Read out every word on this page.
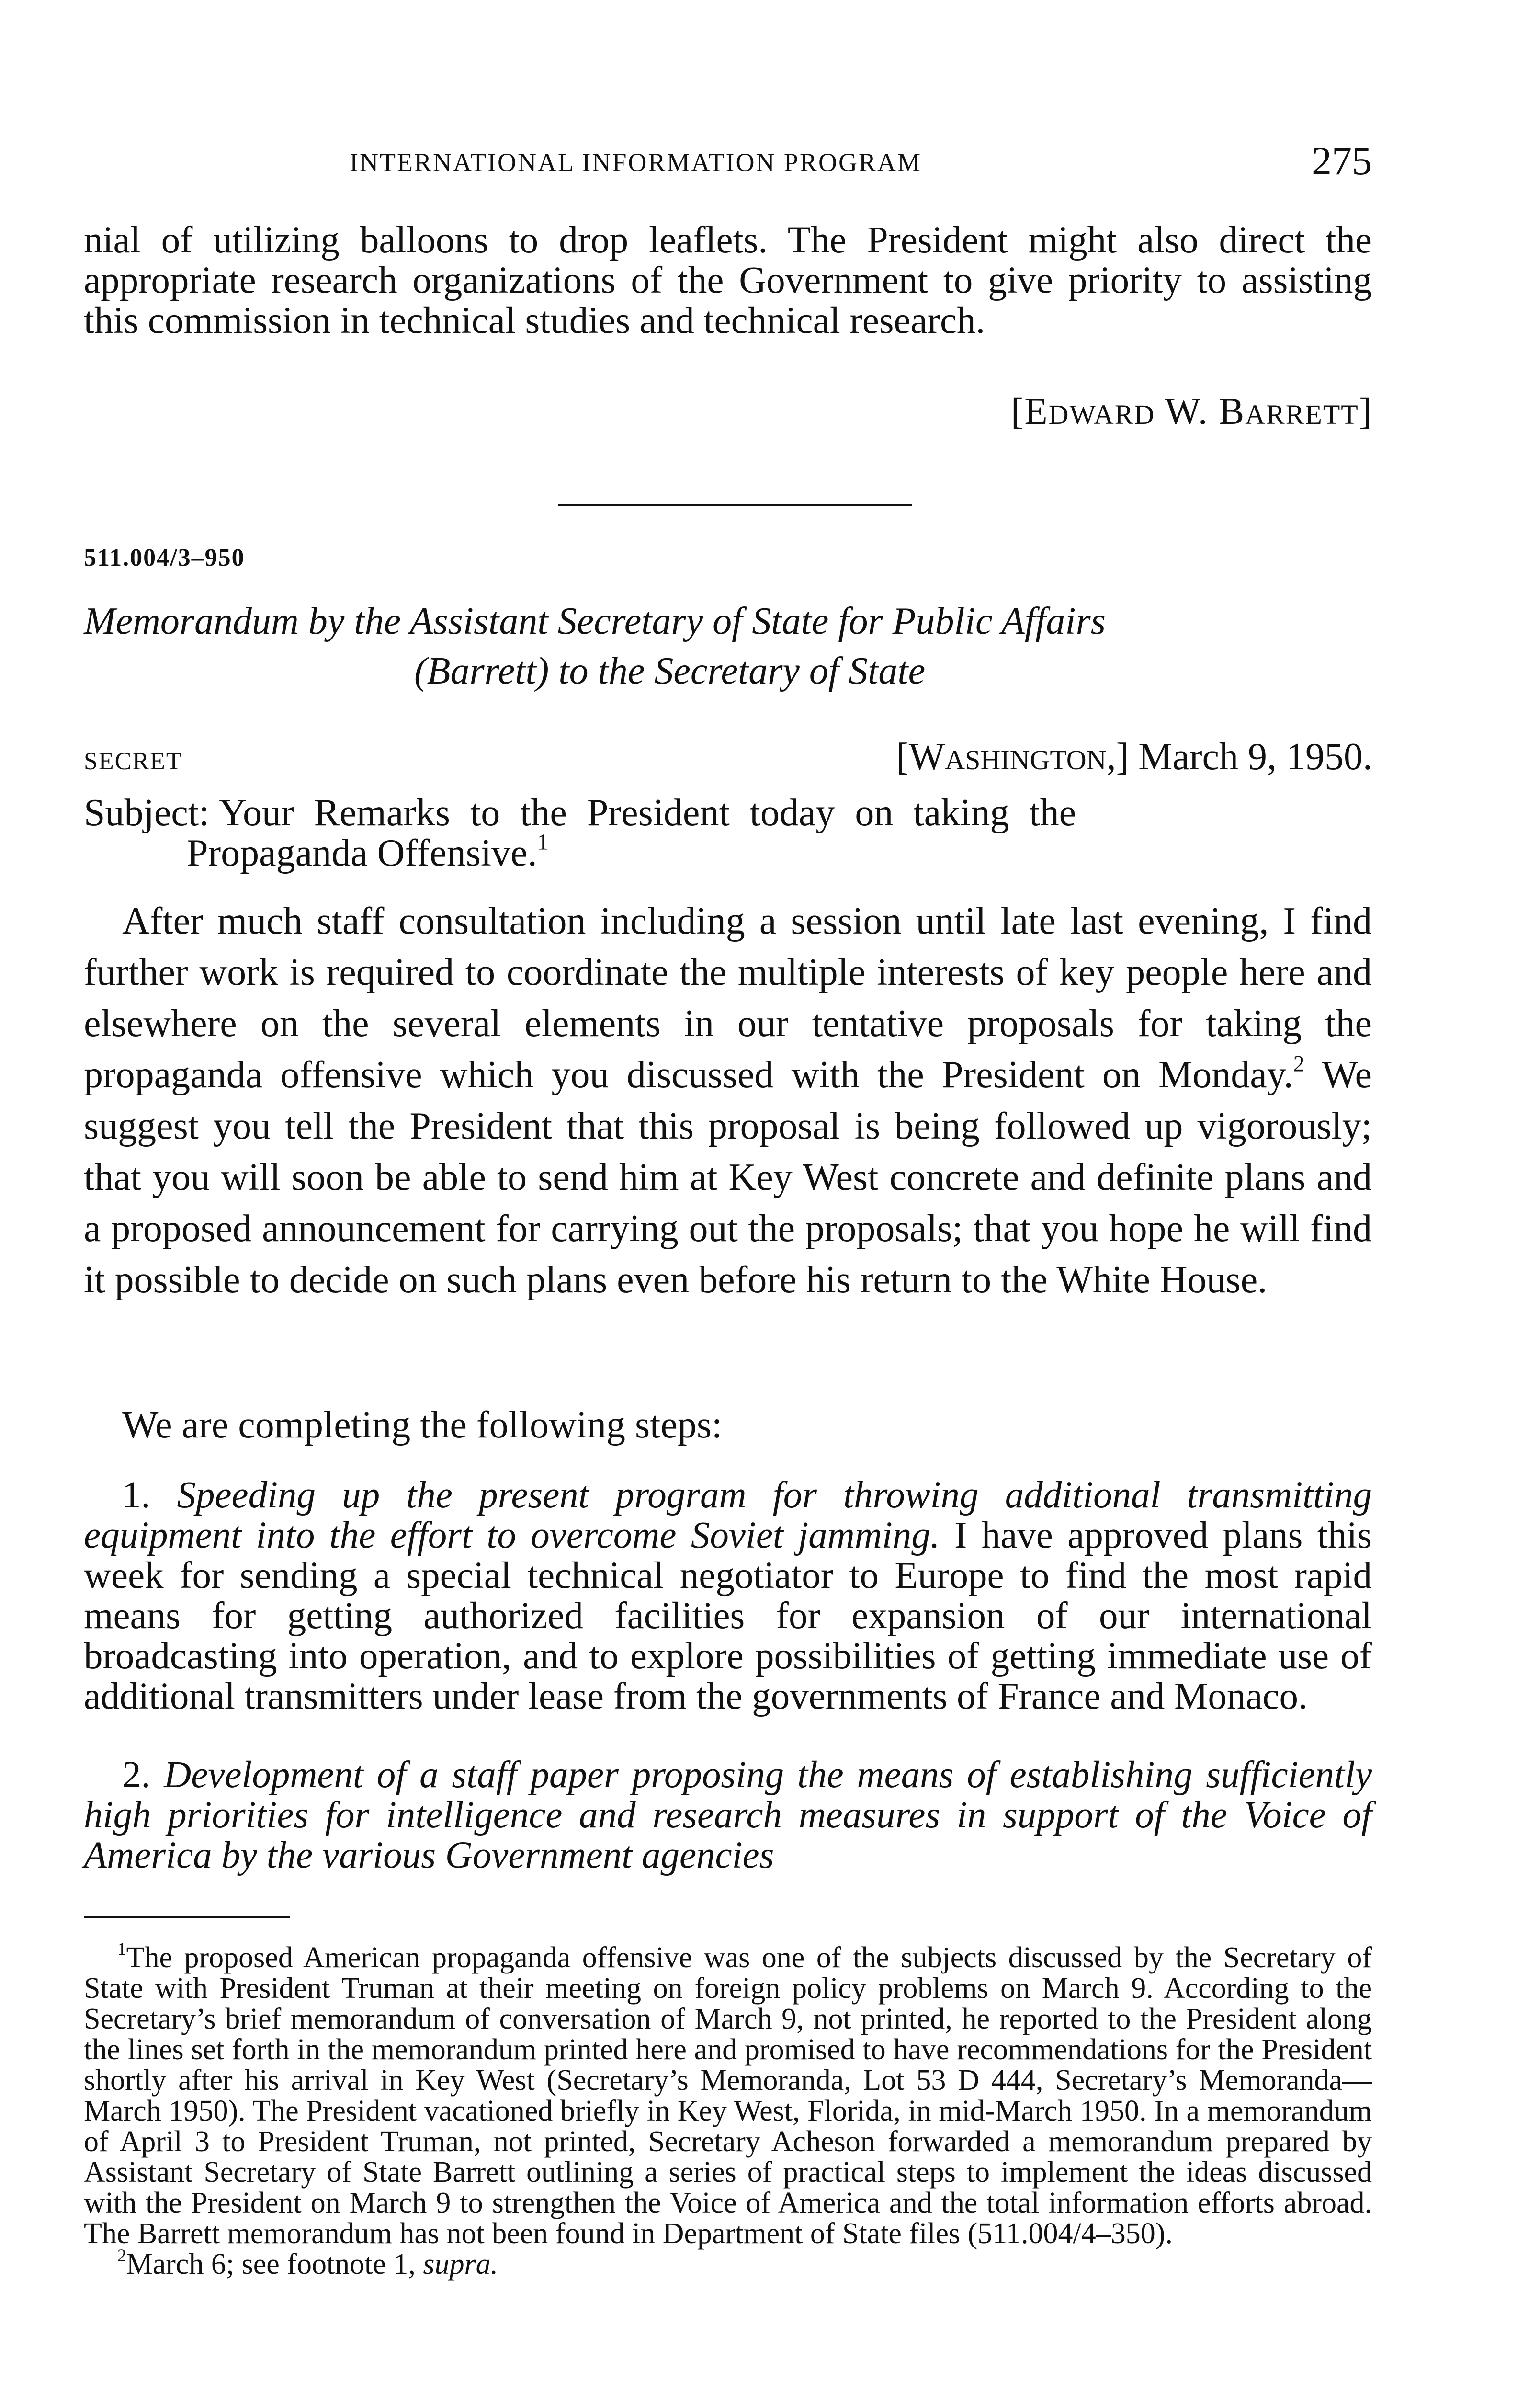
INTERNATIONAL INFORMATION PROGRAM	275
nial of utilizing balloons to drop leaflets. The President might also direct the appropriate research organizations of the Government to give priority to assisting this commission in technical studies and technical research.
[EDWARD W. BARRETT]
511.004/3–950
Memorandum by the Assistant Secretary of State for Public Affairs
(Barrett) to the Secretary of State
SECRET	[WASHINGTON,] March 9, 1950.
Subject: Your Remarks to the President today on taking the
Propaganda Offensive.$^1$
After much staff consultation including a session until late last evening, I find further work is required to coordinate the multiple interests of key people here and elsewhere on the several elements in our tentative proposals for taking the propaganda offensive which you discussed with the President on Monday.$^2$ We suggest you tell the President that this proposal is being followed up vigorously; that you will soon be able to send him at Key West concrete and definite plans and a proposed announcement for carrying out the proposals; that you hope he will find it possible to decide on such plans even before his return to the White House.
We are completing the following steps:
1. Speeding up the present program for throwing additional transmitting equipment into the effort to overcome Soviet jamming. I have approved plans this week for sending a special technical negotiator to Europe to find the most rapid means for getting authorized facilities for expansion of our international broadcasting into operation, and to explore possibilities of getting immediate use of additional transmitters under lease from the governments of France and Monaco.
2. Development of a staff paper proposing the means of establishing sufficiently high priorities for intelligence and research measures in support of the Voice of America by the various Government agencies

$^1$The proposed American propaganda offensive was one of the subjects discussed by the Secretary of State with President Truman at their meeting on foreign policy problems on March 9. According to the Secretary’s brief memorandum of conversation of March 9, not printed, he reported to the President along the lines set forth in the memorandum printed here and promised to have recommendations for the President shortly after his arrival in Key West (Secretary’s Memoranda, Lot 53 D 444, Secretary’s Memoranda—March 1950). The President vacationed briefly in Key West, Florida, in mid-March 1950. In a memorandum of April 3 to President Truman, not printed, Secretary Acheson forwarded a memorandum prepared by Assistant Secretary of State Barrett outlining a series of practical steps to implement the ideas discussed with the President on March 9 to strengthen the Voice of America and the total information efforts abroad. The Barrett memorandum has not been found in Department of State files (511.004/4–350).

$^2$March 6; see footnote 1, supra.
